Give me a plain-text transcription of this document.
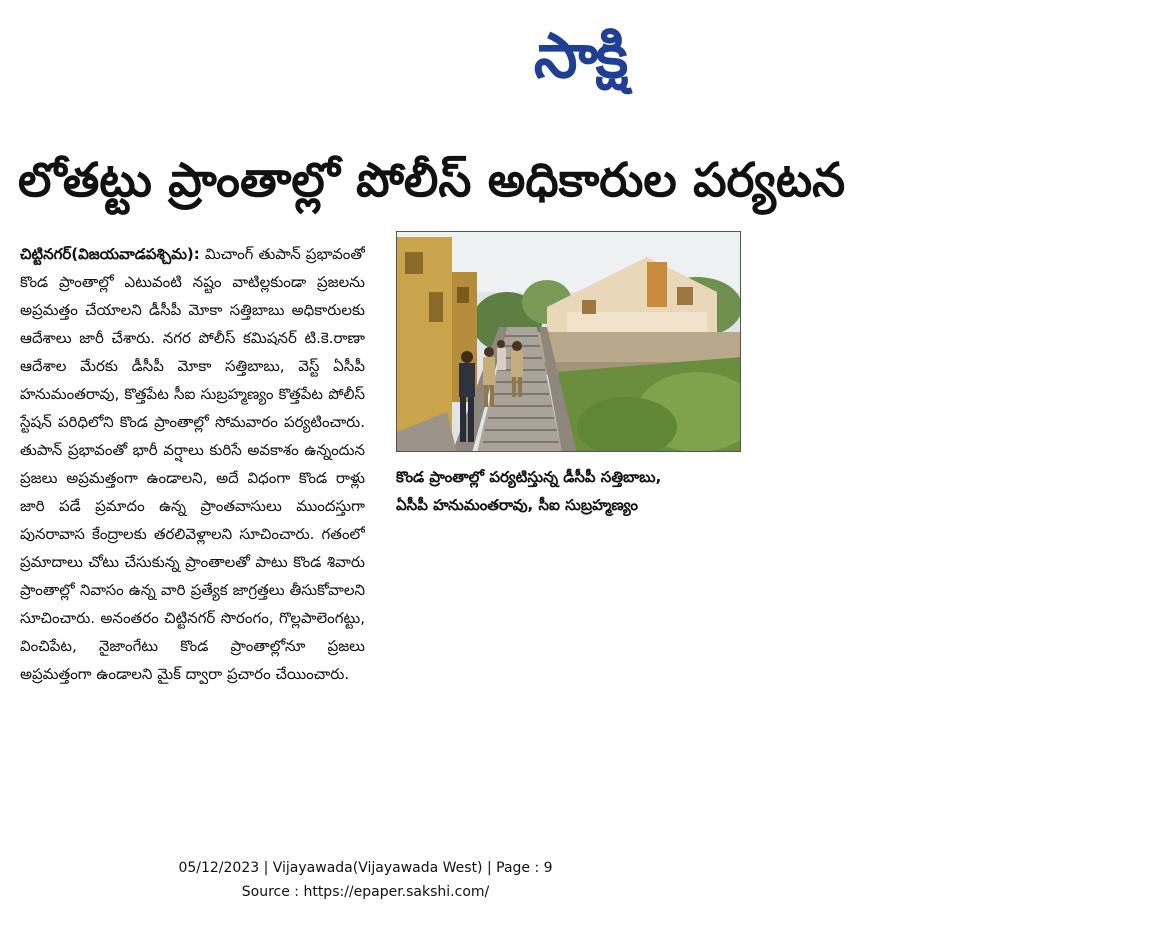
సాక్షి
లోతట్టు ప్రాంతాల్లో పోలీస్ అధికారుల పర్యటన
చిట్టినగర్(విజయవాడపశ్చిమ): మిచాంగ్ తుపాన్ ప్రభావంతో కొండ ప్రాంతాల్లో ఎటువంటి నష్టం వాటిల్లకుండా ప్రజలను అప్రమత్తం చేయాలని డీసీపీ మోకా సత్తిబాబు అధికారులకు ఆదేశాలు జారీ చేశారు. నగర పోలీస్ కమిషనర్ టి.కె.రాణా ఆదేశాల మేరకు డీసీపీ మోకా సత్తిబాబు, వెస్ట్ ఏసీపీ హనుమంతరావు, కొత్తపేట సీఐ సుబ్రహ్మణ్యం కొత్తపేట పోలీస్ స్టేషన్ పరిధిలోని కొండ ప్రాంతాల్లో సోమవారం పర్యటించారు. తుపాన్ ప్రభావంతో భారీ వర్షాలు కురిసే అవకాశం ఉన్నందున ప్రజలు అప్రమత్తంగా ఉండాలని, అదే విధంగా కొండ రాళ్లు జారి పడే ప్రమాదం ఉన్న ప్రాంతవాసులు ముందస్తుగా పునరావాస కేంద్రాలకు తరలివెళ్లాలని సూచించారు. గతంలో ప్రమాదాలు చోటు చేసుకున్న ప్రాంతాలతో పాటు కొండ శివారు ప్రాంతాల్లో నివాసం ఉన్న వారి ప్రత్యేక జాగ్రత్తలు తీసుకోవాలని సూచించారు. అనంతరం చిట్టినగర్ సొరంగం, గొల్లపాలెంగట్టు, వించిపేట, నైజాంగేటు కొండ ప్రాంతాల్లోనూ ప్రజలు అప్రమత్తంగా ఉండాలని మైక్ ద్వారా ప్రచారం చేయించారు.
కొండ ప్రాంతాల్లో పర్యటిస్తున్న డీసీపీ సత్తిబాబు,
ఏసీపీ హనుమంతరావు, సీఐ సుబ్రహ్మణ్యం
05/12/2023 | Vijayawada(Vijayawada West) | Page : 9
Source : https://epaper.sakshi.com/
